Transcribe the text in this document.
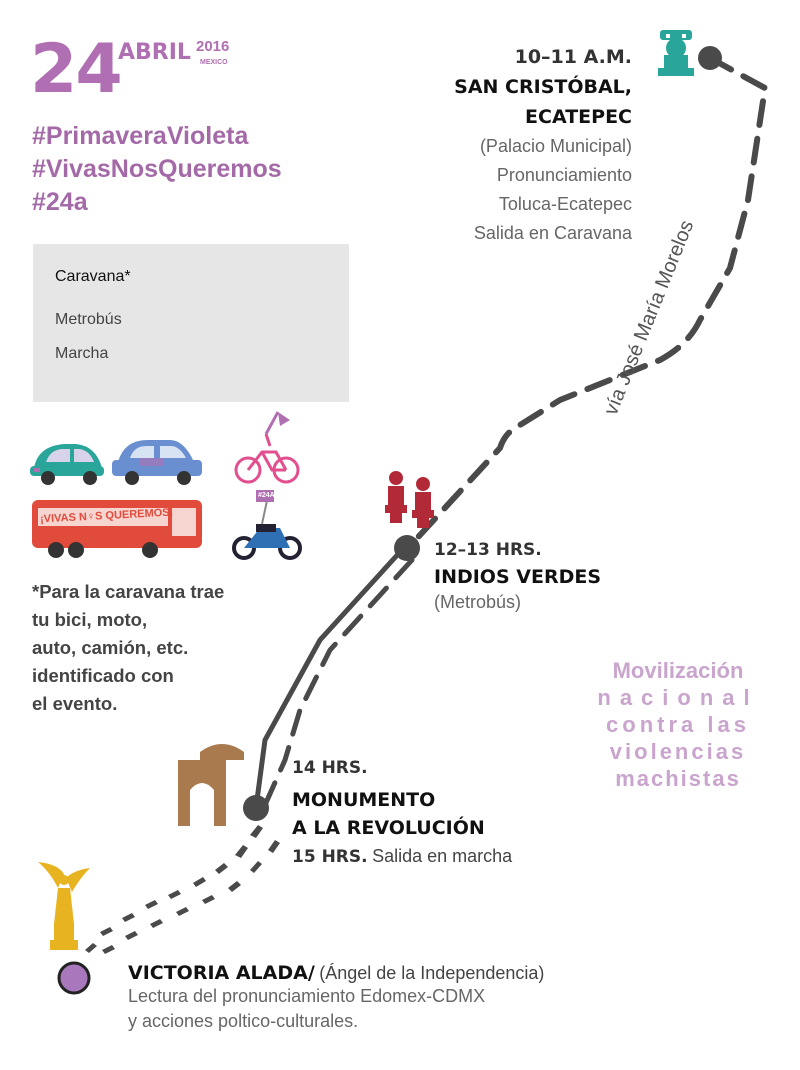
24
ABRIL 2016
MEXICO
#PrimaveraVioleta
#VivasNosQueremos
#24a
Caravana*
Metrobús
Marcha
¡VIVAS N♀S QUEREMOS!
#24A
*Para la caravana trae
tu bici, moto,
auto, camión, etc.
identificado con
el evento.
10–11 A.M.
SAN CRISTÓBAL,
ECATEPEC
(Palacio Municipal)
Pronunciamiento
Toluca-Ecatepec
Salida en Caravana
vía José María Morelos
12–13 HRS.
INDIOS VERDES
(Metrobús)
Movilización
nacional
contra las
violencias
machistas
14 HRS.
MONUMENTO
A LA REVOLUCIÓN
15 HRS. Salida en marcha
VICTORIA ALADA/ (Ángel de la Independencia)
Lectura del pronunciamiento Edomex-CDMX
y acciones poltico-culturales.
